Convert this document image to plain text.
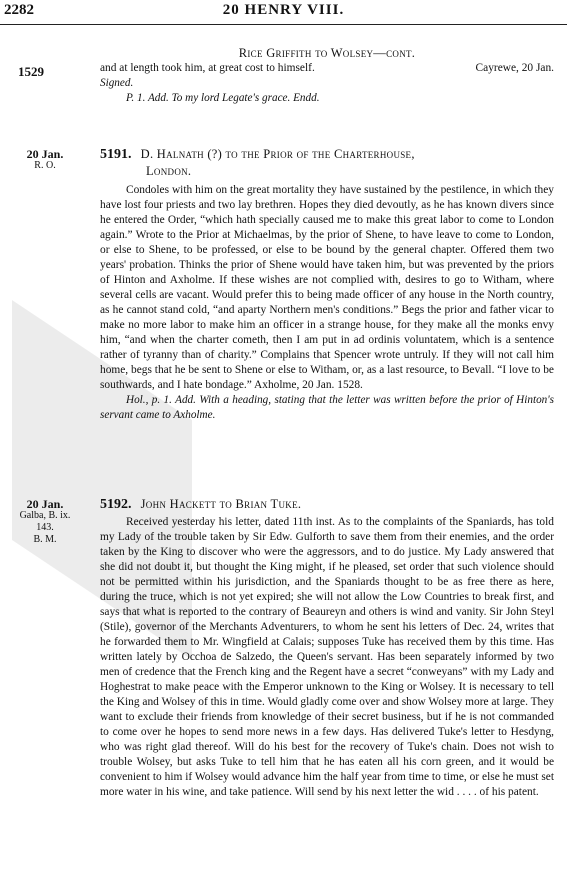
2282	20 HENRY VIII.
1529

Rice Griffith to Wolsey—cont.

and at length took him, at great cost to himself.	Cayrewe, 20 Jan.

Signed.

P. 1. Add. To my lord Legate's grace. Endd.

20 Jan.
R. O.

5191. D. Halnath (?) to the Prior of the Charterhouse,

London.

Condoles with him on the great mortality they have sustained by the pestilence, in which they have lost four priests and two lay brethren. Hopes they died devoutly, as he has known divers since he entered the Order, “which hath specially caused me to make this great labor to come to London again.” Wrote to the Prior at Michaelmas, by the prior of Shene, to have leave to come to London, or else to Shene, to be professed, or else to be bound by the general chapter. Offered them two years' probation. Thinks the prior of Shene would have taken him, but was prevented by the priors of Hinton and Axholme. If these wishes are not complied with, desires to go to Witham, where several cells are vacant. Would prefer this to being made officer of any house in the North country, as he cannot stand cold, “and aparty Northern men's conditions.” Begs the prior and father vicar to make no more labor to make him an officer in a strange house, for they make all the monks envy him, “and when the charter cometh, then I am put in ad ordinis voluntatem, which is a sentence rather of tyranny than of charity.” Complains that Spencer wrote untruly. If they will not call him home, begs that he be sent to Shene or else to Witham, or, as a last resource, to Bevall. “I love to be southwards, and I hate bondage.” Axholme, 20 Jan. 1528.

Hol., p. 1. Add. With a heading, stating that the letter was written before the prior of Hinton's servant came to Axholme.

20 Jan.
Galba, B. ix.
143.
B. M.

5192. John Hackett to Brian Tuke.

Received yesterday his letter, dated 11th inst. As to the complaints of the Spaniards, has told my Lady of the trouble taken by Sir Edw. Gulforth to save them from their enemies, and the order taken by the King to discover who were the aggressors, and to do justice. My Lady answered that she did not doubt it, but thought the King might, if he pleased, set order that such violence should not be permitted within his jurisdiction, and the Spaniards thought to be as free there as here, during the truce, which is not yet expired; she will not allow the Low Countries to break first, and says that what is reported to the contrary of Beaureyn and others is wind and vanity. Sir John Steyl (Stile), governor of the Merchants Adventurers, to whom he sent his letters of Dec. 24, writes that he forwarded them to Mr. Wingfield at Calais; supposes Tuke has received them by this time. Has written lately by Occhoa de Salzedo, the Queen's servant. Has been separately informed by two men of credence that the French king and the Regent have a secret “conweyans” with my Lady and Hoghestrat to make peace with the Emperor unknown to the King or Wolsey. It is necessary to tell the King and Wolsey of this in time. Would gladly come over and show Wolsey more at large. They want to exclude their friends from knowledge of their secret business, but if he is not commanded to come over he hopes to send more news in a few days. Has delivered Tuke's letter to Hesdyng, who was right glad thereof. Will do his best for the recovery of Tuke's chain. Does not wish to trouble Wolsey, but asks Tuke to tell him that he has eaten all his corn green, and it would be convenient to him if Wolsey would advance him the half year from time to time, or else he must set more water in his wine, and take patience. Will send by his next letter the wid . . . . of his patent.
